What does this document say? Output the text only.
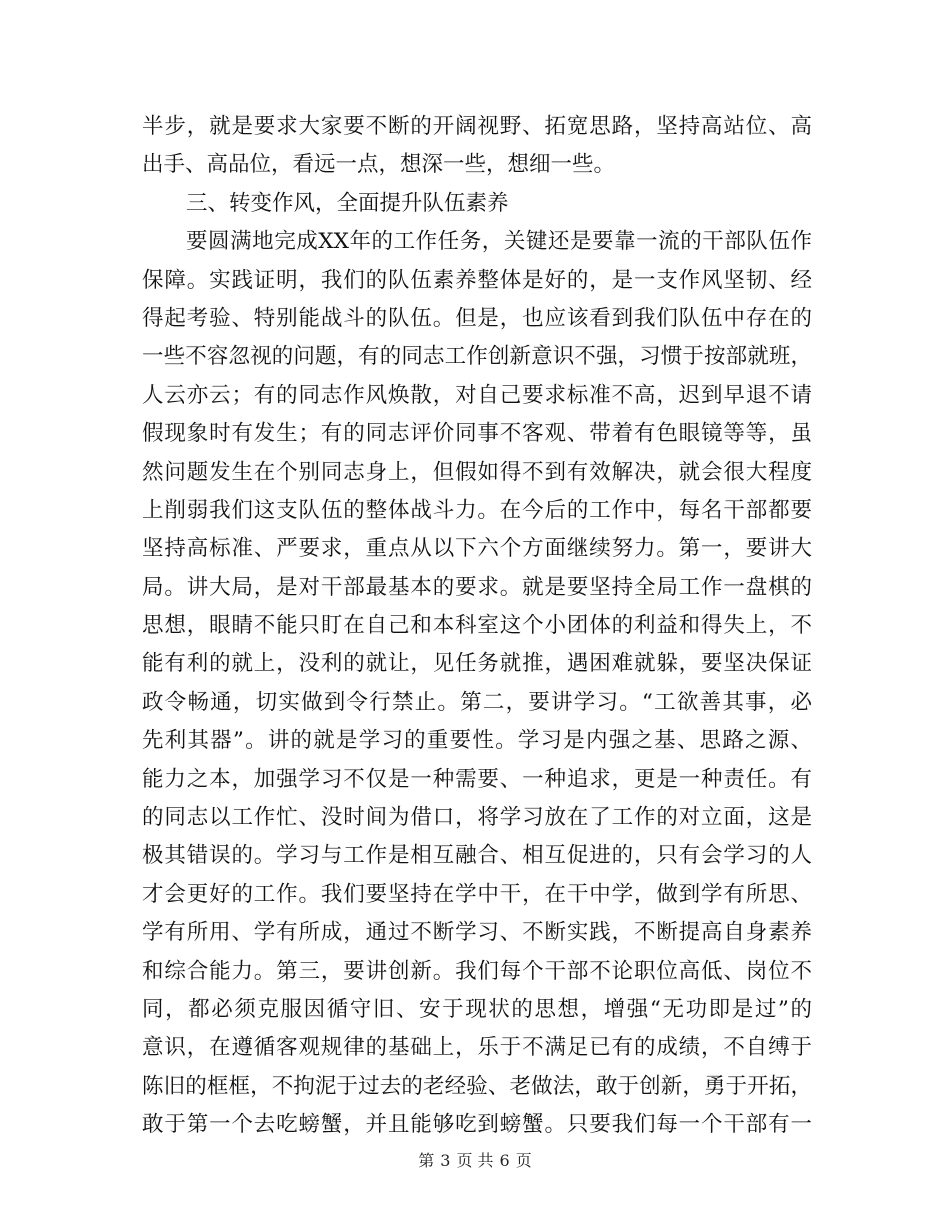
半步，就是要求大家要不断的开阔视野、拓宽思路，坚持高站位、高
出手、高品位，看远一点，想深一些，想细一些。
三、转变作风，全面提升队伍素养
要圆满地完成XX年的工作任务，关键还是要靠一流的干部队伍作
保障。实践证明，我们的队伍素养整体是好的，是一支作风坚韧、经
得起考验、特别能战斗的队伍。但是，也应该看到我们队伍中存在的
一些不容忽视的问题，有的同志工作创新意识不强，习惯于按部就班，
人云亦云；有的同志作风焕散，对自己要求标准不高，迟到早退不请
假现象时有发生；有的同志评价同事不客观、带着有色眼镜等等，虽
然问题发生在个别同志身上，但假如得不到有效解决，就会很大程度
上削弱我们这支队伍的整体战斗力。在今后的工作中，每名干部都要
坚持高标准、严要求，重点从以下六个方面继续努力。第一，要讲大
局。讲大局，是对干部最基本的要求。就是要坚持全局工作一盘棋的
思想，眼睛不能只盯在自己和本科室这个小团体的利益和得失上，不
能有利的就上，没利的就让，见任务就推，遇困难就躲，要坚决保证
政令畅通，切实做到令行禁止。第二，要讲学习。“工欲善其事，必
先利其器”。讲的就是学习的重要性。学习是内强之基、思路之源、
能力之本，加强学习不仅是一种需要、一种追求，更是一种责任。有
的同志以工作忙、没时间为借口，将学习放在了工作的对立面，这是
极其错误的。学习与工作是相互融合、相互促进的，只有会学习的人
才会更好的工作。我们要坚持在学中干，在干中学，做到学有所思、
学有所用、学有所成，通过不断学习、不断实践，不断提高自身素养
和综合能力。第三，要讲创新。我们每个干部不论职位高低、岗位不
同，都必须克服因循守旧、安于现状的思想，增强“无功即是过”的
意识，在遵循客观规律的基础上，乐于不满足已有的成绩，不自缚于
陈旧的框框，不拘泥于过去的老经验、老做法，敢于创新，勇于开拓，
敢于第一个去吃螃蟹，并且能够吃到螃蟹。只要我们每一个干部有一
第 3 页 共 6 页
